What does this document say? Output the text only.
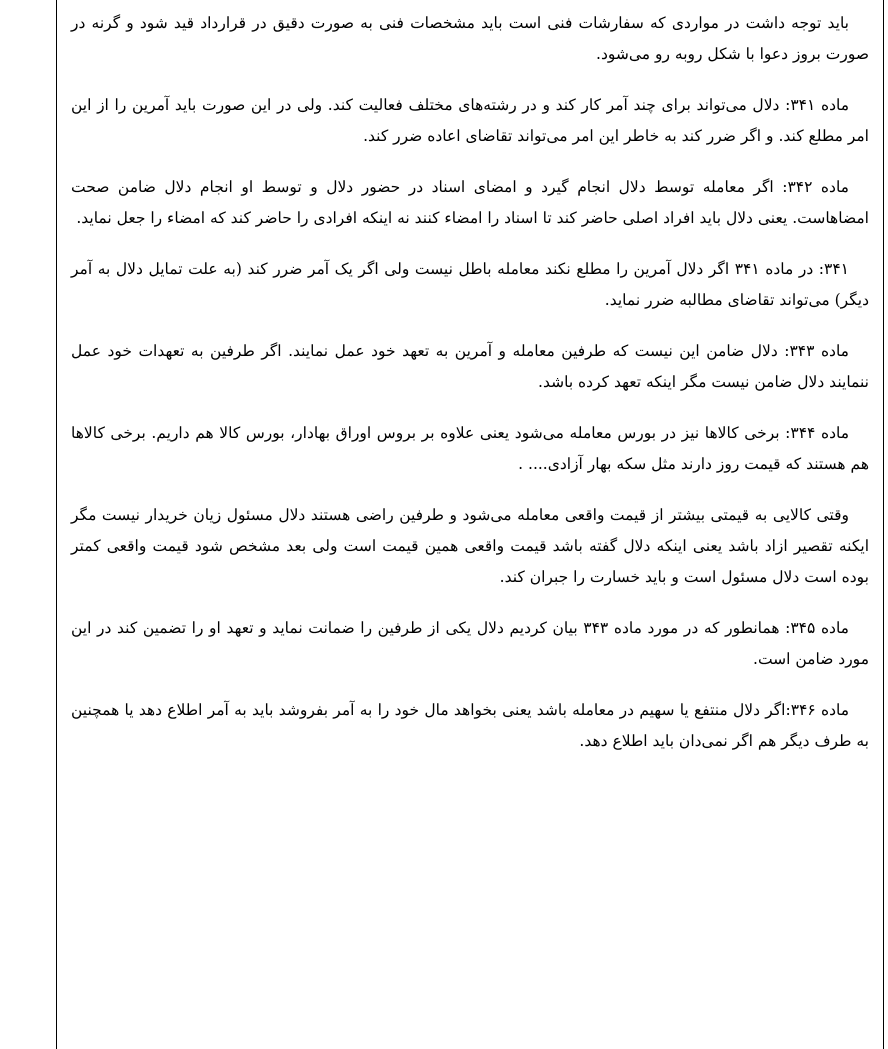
باید توجه داشت در مواردی که سفارشات فنی است باید مشخصات فنی به صورت دقیق در قرارداد قید شود و گرنه در صورت بروز دعوا با شکل روبه رو می‌شود.

ماده ۳۴۱: دلال می‌تواند برای چند آمر کار کند و در رشته‌های مختلف فعالیت کند. ولی در این صورت باید آمرین را از این امر مطلع کند. و اگر ضرر کند به خاطر این امر می‌تواند تقاضای اعاده ضرر کند.

ماده ۳۴۲: اگر معامله توسط دلال انجام گیرد و امضای اسناد در حضور دلال و توسط او انجام دلال ضامن صحت امضاهاست. یعنی دلال باید افراد اصلی حاضر کند تا اسناد را امضاء کنند نه اینکه افرادی را حاضر کند که امضاء را جعل نماید.

۳۴۱: در ماده ۳۴۱ اگر دلال آمرین را مطلع نکند معامله باطل نیست ولی اگر یک آمر ضرر کند (به علت تمایل دلال به آمر دیگر) می‌تواند تقاضای مطالبه ضرر نماید.

ماده ۳۴۳: دلال ضامن این نیست که طرفین معامله و آمرین به تعهد خود عمل نمایند. اگر طرفین به تعهدات خود عمل ننمایند دلال ضامن نیست مگر اینکه تعهد کرده باشد.

ماده ۳۴۴: برخی کالاها نیز در بورس معامله می‌شود یعنی علاوه بر بروس اوراق بهادار، بورس کالا هم داریم. برخی کالاها هم هستند که قیمت روز دارند مثل سکه بهار آزادی.... .

وقتی کالایی به قیمتی بیشتر از قیمت واقعی معامله می‌شود و طرفین راضی هستند دلال مسئول زیان خریدار نیست مگر ایکنه تقصیر ازاد باشد یعنی اینکه دلال گفته باشد قیمت واقعی همین قیمت است ولی بعد مشخص شود قیمت واقعی کمتر بوده است دلال مسئول است و باید خسارت را جبران کند.

ماده ۳۴۵: همانطور که در مورد ماده ۳۴۳ بیان کردیم دلال یکی از طرفین را ضمانت نماید و تعهد او را تضمین کند در این مورد ضامن است.

ماده ۳۴۶:اگر دلال منتفع یا سهیم در معامله باشد یعنی بخواهد مال خود را به آمر بفروشد باید به آمر اطلاع دهد یا همچنین به طرف دیگر هم اگر نمی‌دان باید اطلاع دهد.
